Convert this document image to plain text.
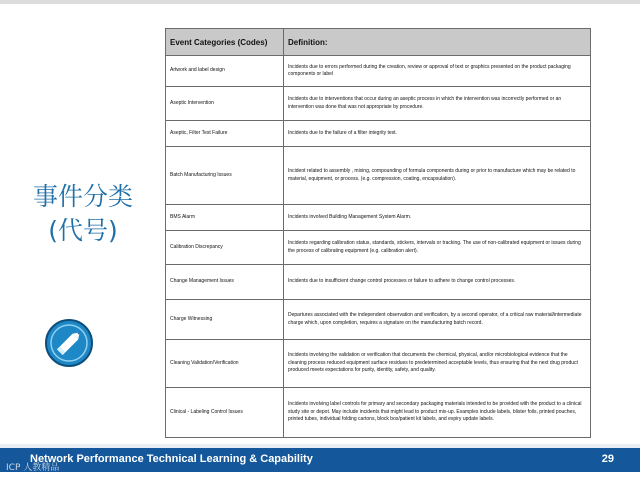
事件分类
(代号)
Event Categories (Codes)	Definition:
Artwork and label design	Incidents due to errors performed during the creation, review or approval of text or graphics presented on the product packaging components or label
Aseptic Intervention	Incidents due to interventions that occur during an aseptic process in which the intervention was incorrectly performed or an intervention was done that was not appropriate by procedure.
Aseptic, Filter Test Failure	Incidents due to the failure of a filter integrity test.
Batch Manufacturing Issues	Incident related to assembly , mixing, compounding of formula components during or prior to manufacture which may be related to material, equipment, or process. (e.g. compression, coating, encapsulation).
BMS Alarm	Incidents involved Building Management System Alarm.
Calibration Discrepancy	Incidents regarding calibration status, standards, stickers, intervals or tracking. The use of non-calibrated equipment or issues during the process of calibrating equipment (e.g. calibration alert).
Change Management Issues	Incidents due to insufficient change control processes or failure to adhere to change control processes.
Charge Witnessing	Departures associated with the independent observation and verification, by a second operator, of a critical raw material/intermediate charge which, upon completion, requires a signature on the manufacturing batch record.
Cleaning Validation/Verification	Incidents involving the validation or verification that documents the chemical, physical, and/or microbiological evidence that the cleaning process reduced equipment surface residues to predetermined acceptable levels, thus ensuring that the next drug product produced meets expectations for purity, identity, safety, and quality.
Clinical - Labeling Control Issues	Incidents involving label controls for primary and secondary packaging materials intended to be provided with the product to a clinical study site or depot. May include incidents that might lead to product mix-up. Examples include labels, blister foils, printed pouches, printed tubes, individual folding cartons, block box/patient kit labels, and expiry update labels.
Network Performance Technical Learning & Capability	29
ICP 人教精品
